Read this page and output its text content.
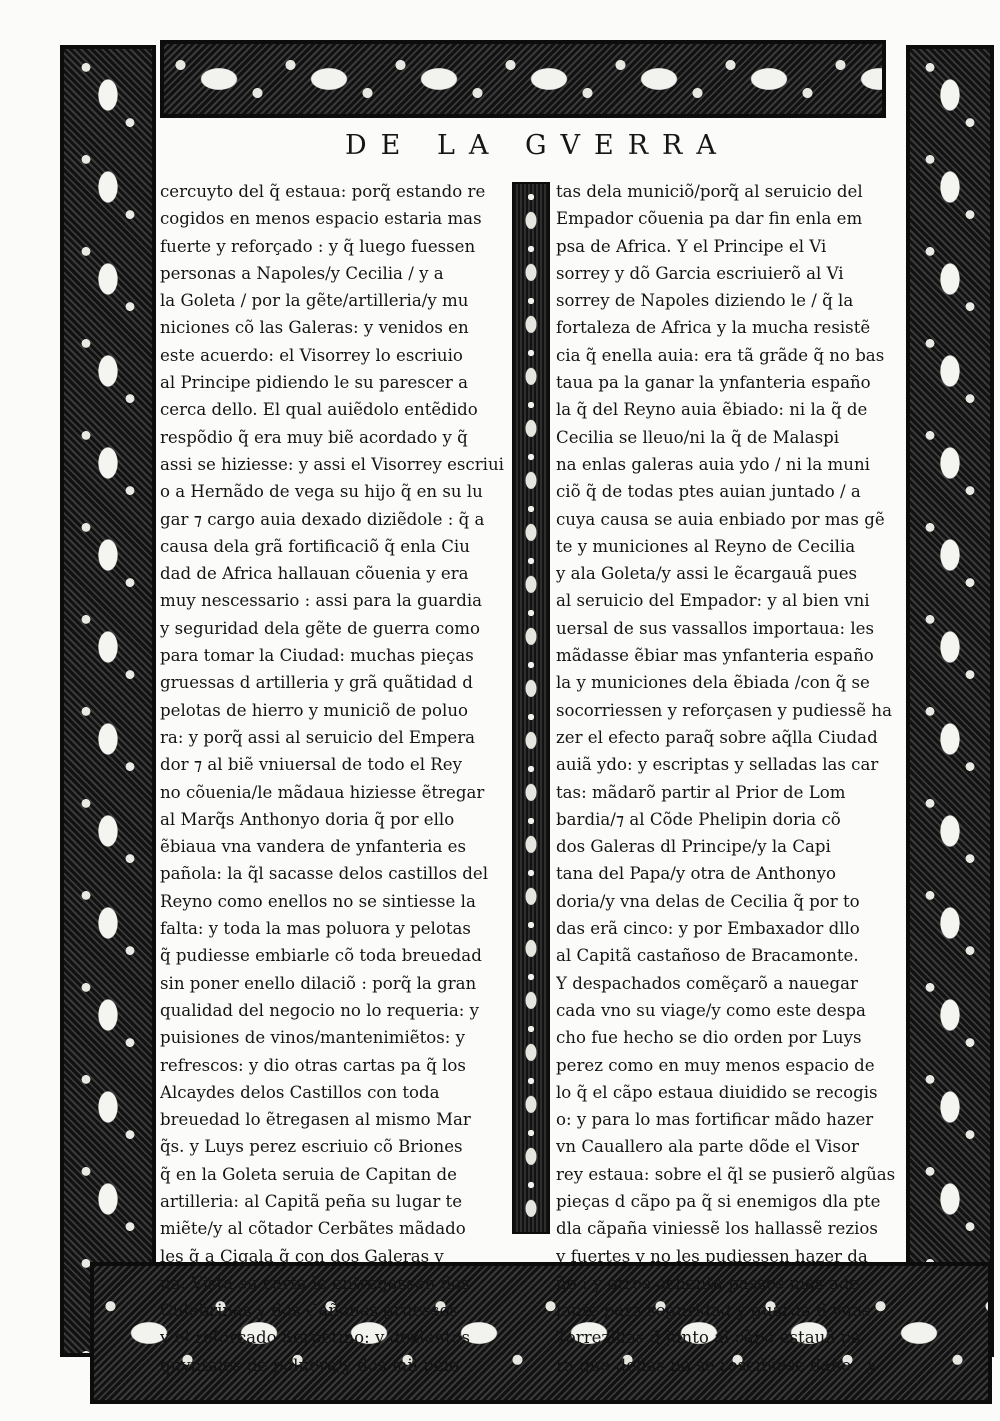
DE LA GVERRA
cercuyto del q̃ estaua: porq̃ estando re
cogidos en menos espacio estaria mas
fuerte y reforçado : y q̃ luego fuessen
personas a Napoles/y Cecilia / y a
la Goleta / por la gẽte/artilleria/y mu
niciones cõ las Galeras: y venidos en
este acuerdo: el Visorrey lo escriuio
al Principe pidiendo le su parescer a
cerca dello. El qual auiẽdolo entẽdido
respõdio q̃ era muy biẽ acordado y q̃
assi se hiziesse: y assi el Visorrey escriui
o a Hernãdo de vega su hijo q̃ en su lu
gar ⁊ cargo auia dexado diziẽdole : q̃ a
causa dela grã fortificaciõ q̃ enla Ciu
dad de Africa hallauan cõuenia y era
muy nescessario : assi para la guardia
y seguridad dela gẽte de guerra como
para tomar la Ciudad: muchas pieças
gruessas d artilleria y grã quãtidad d
pelotas de hierro y municiõ de poluo
ra: y porq̃ assi al seruicio del Empera
dor ⁊ al biẽ vniuersal de todo el Rey
no cõuenia/le mãdaua hiziesse ẽtregar
al Marq̃s Anthonyo doria q̃ por ello
ẽbiaua vna vandera de ynfanteria es
pañola: la q̃l sacasse delos castillos del
Reyno como enellos no se sintiesse la
falta: y toda la mas poluora y pelotas
q̃ pudiesse embiarle cõ toda breuedad
sin poner enello dilaciõ : porq̃ la gran
qualidad del negocio no lo requeria: y
puisiones de vinos/mantenimiẽtos: y
refrescos: y dio otras cartas pa q̃ los
Alcaydes delos Castillos con toda
breuedad lo ẽtregasen al mismo Mar
q̃s. y Luys perez escriuio cõ Briones
q̃ en la Goleta seruia de Capitan de
artilleria: al Capitã peña su lugar te
miẽte/y al cõtador Cerbãtes mãdado
les q̃ a Cigala q̃ con dos Galeras y
ua. Vista su carta le entregassen dos
Culebrinas y dos Cañones gruessos
y el reforçado Serpẽtino: y dozientos
quyntales de poluora/y dos mil pelo
tas dela municiõ/porq̃ al seruicio del
Empador cõuenia pa dar fin enla em
psa de Africa. Y el Principe el Vi
sorrey y dõ Garcia escriuierõ al Vi
sorrey de Napoles diziendo le / q̃ la
fortaleza de Africa y la mucha resistẽ
cia q̃ enella auia: era tã grãde q̃ no bas
taua pa la ganar la ynfanteria españo
la q̃ del Reyno auia ẽbiado: ni la q̃ de
Cecilia se lleuo/ni la q̃ de Malaspi
na enlas galeras auia ydo / ni la muni
ciõ q̃ de todas ptes auian juntado / a
cuya causa se auia enbiado por mas gẽ
te y municiones al Reyno de Cecilia
y ala Goleta/y assi le ẽcargauã pues
al seruicio del Empador: y al bien vni
uersal de sus vassallos importaua: les
mãdasse ẽbiar mas ynfanteria españo
la y municiones dela ẽbiada /con q̃ se
socorriessen y reforçasen y pudiessẽ ha
zer el efecto paraq̃ sobre aq̃lla Ciudad
auiã ydo: y escriptas y selladas las car
tas: mãdarõ partir al Prior de Lom
bardia/⁊ al Cõde Phelipin doria cõ
dos Galeras dl Principe/y la Capi
tana del Papa/y otra de Anthonyo
doria/y vna delas de Cecilia q̃ por to
das erã cinco: y por Embaxador dllo
al Capitã castañoso de Bracamonte.
Y despachados comẽçarõ a nauegar
cada vno su viage/y como este despa
cho fue hecho se dio orden por Luys
perez como en muy menos espacio de
lo q̃ el cãpo estaua diuidido se recogis
o: y para lo mas fortificar mãdo hazer
vn Cauallero ala parte dõde el Visor
rey estaua: sobre el q̃l se pusierõ algũas
pieças d cãpo pa q̃ si enemigos dla pte
dla cãpaña viniessẽ los hallassẽ rezios
y fuertes y no les pudiessen hazer da
ño : y otros ochenta passos mas ade
lante para seguridad y guarda d vnas
Torrezillas q̃ junto al cãpo estauã pa
ra que dellas no se rescibiese daño : y
